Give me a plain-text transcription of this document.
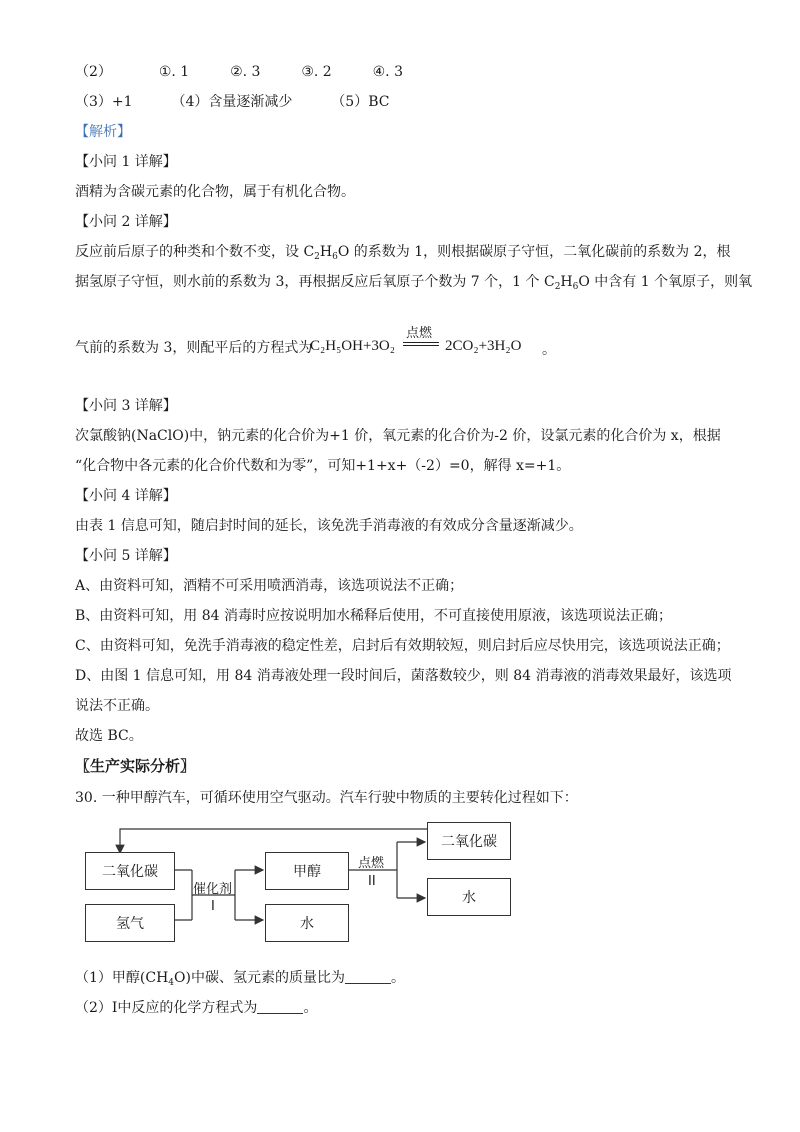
（2）	①. 1	②. 3	③. 2	④. 3
（3）+1	（4）含量逐渐减少	（5）BC
【解析】
【小问 1 详解】
酒精为含碳元素的化合物，属于有机化合物。
【小问 2 详解】
反应前后原子的种类和个数不变，设 $C_2H_6O$ 的系数为 1，则根据碳原子守恒，二氧化碳前的系数为 2，根
据氢原子守恒，则水前的系数为 3，再根据反应后氧原子个数为 7 个，1 个 $C_2H_6O$ 中含有 1 个氧原子，则氧
气前的系数为 3，则配平后的方程式为
点燃
C₂H₅OH+3O₂	2CO₂+3H₂O 。
【小问 3 详解】
次氯酸钠(NaClO)中，钠元素的化合价为+1 价，氧元素的化合价为-2 价，设氯元素的化合价为 x，根据
“化合物中各元素的化合价代数和为零”，可知+1+x+（-2）=0，解得 x=+1。
【小问 4 详解】
由表 1 信息可知，随启封时间的延长，该免洗手消毒液的有效成分含量逐渐减少。
【小问 5 详解】
A、由资料可知，酒精不可采用喷洒消毒，该选项说法不正确；
B、由资料可知，用 84 消毒时应按说明加水稀释后使用，不可直接使用原液，该选项说法正确；
C、由资料可知，免洗手消毒液的稳定性差，启封后有效期较短，则启封后应尽快用完，该选项说法正确；
D、由图 1 信息可知，用 84 消毒液处理一段时间后，菌落数较少，则 84 消毒液的消毒效果最好，该选项
说法不正确。
故选 BC。
〖生产实际分析〗
30. 一种甲醇汽车，可循环使用空气驱动。汽车行驶中物质的主要转化过程如下：
二氧化碳
氢气
催化剂
I
甲醇
水
点燃
II
二氧化碳
水
（1）甲醇$(CH_4O)$中碳、氢元素的质量比为	。
（2）I中反应的化学方程式为	。
